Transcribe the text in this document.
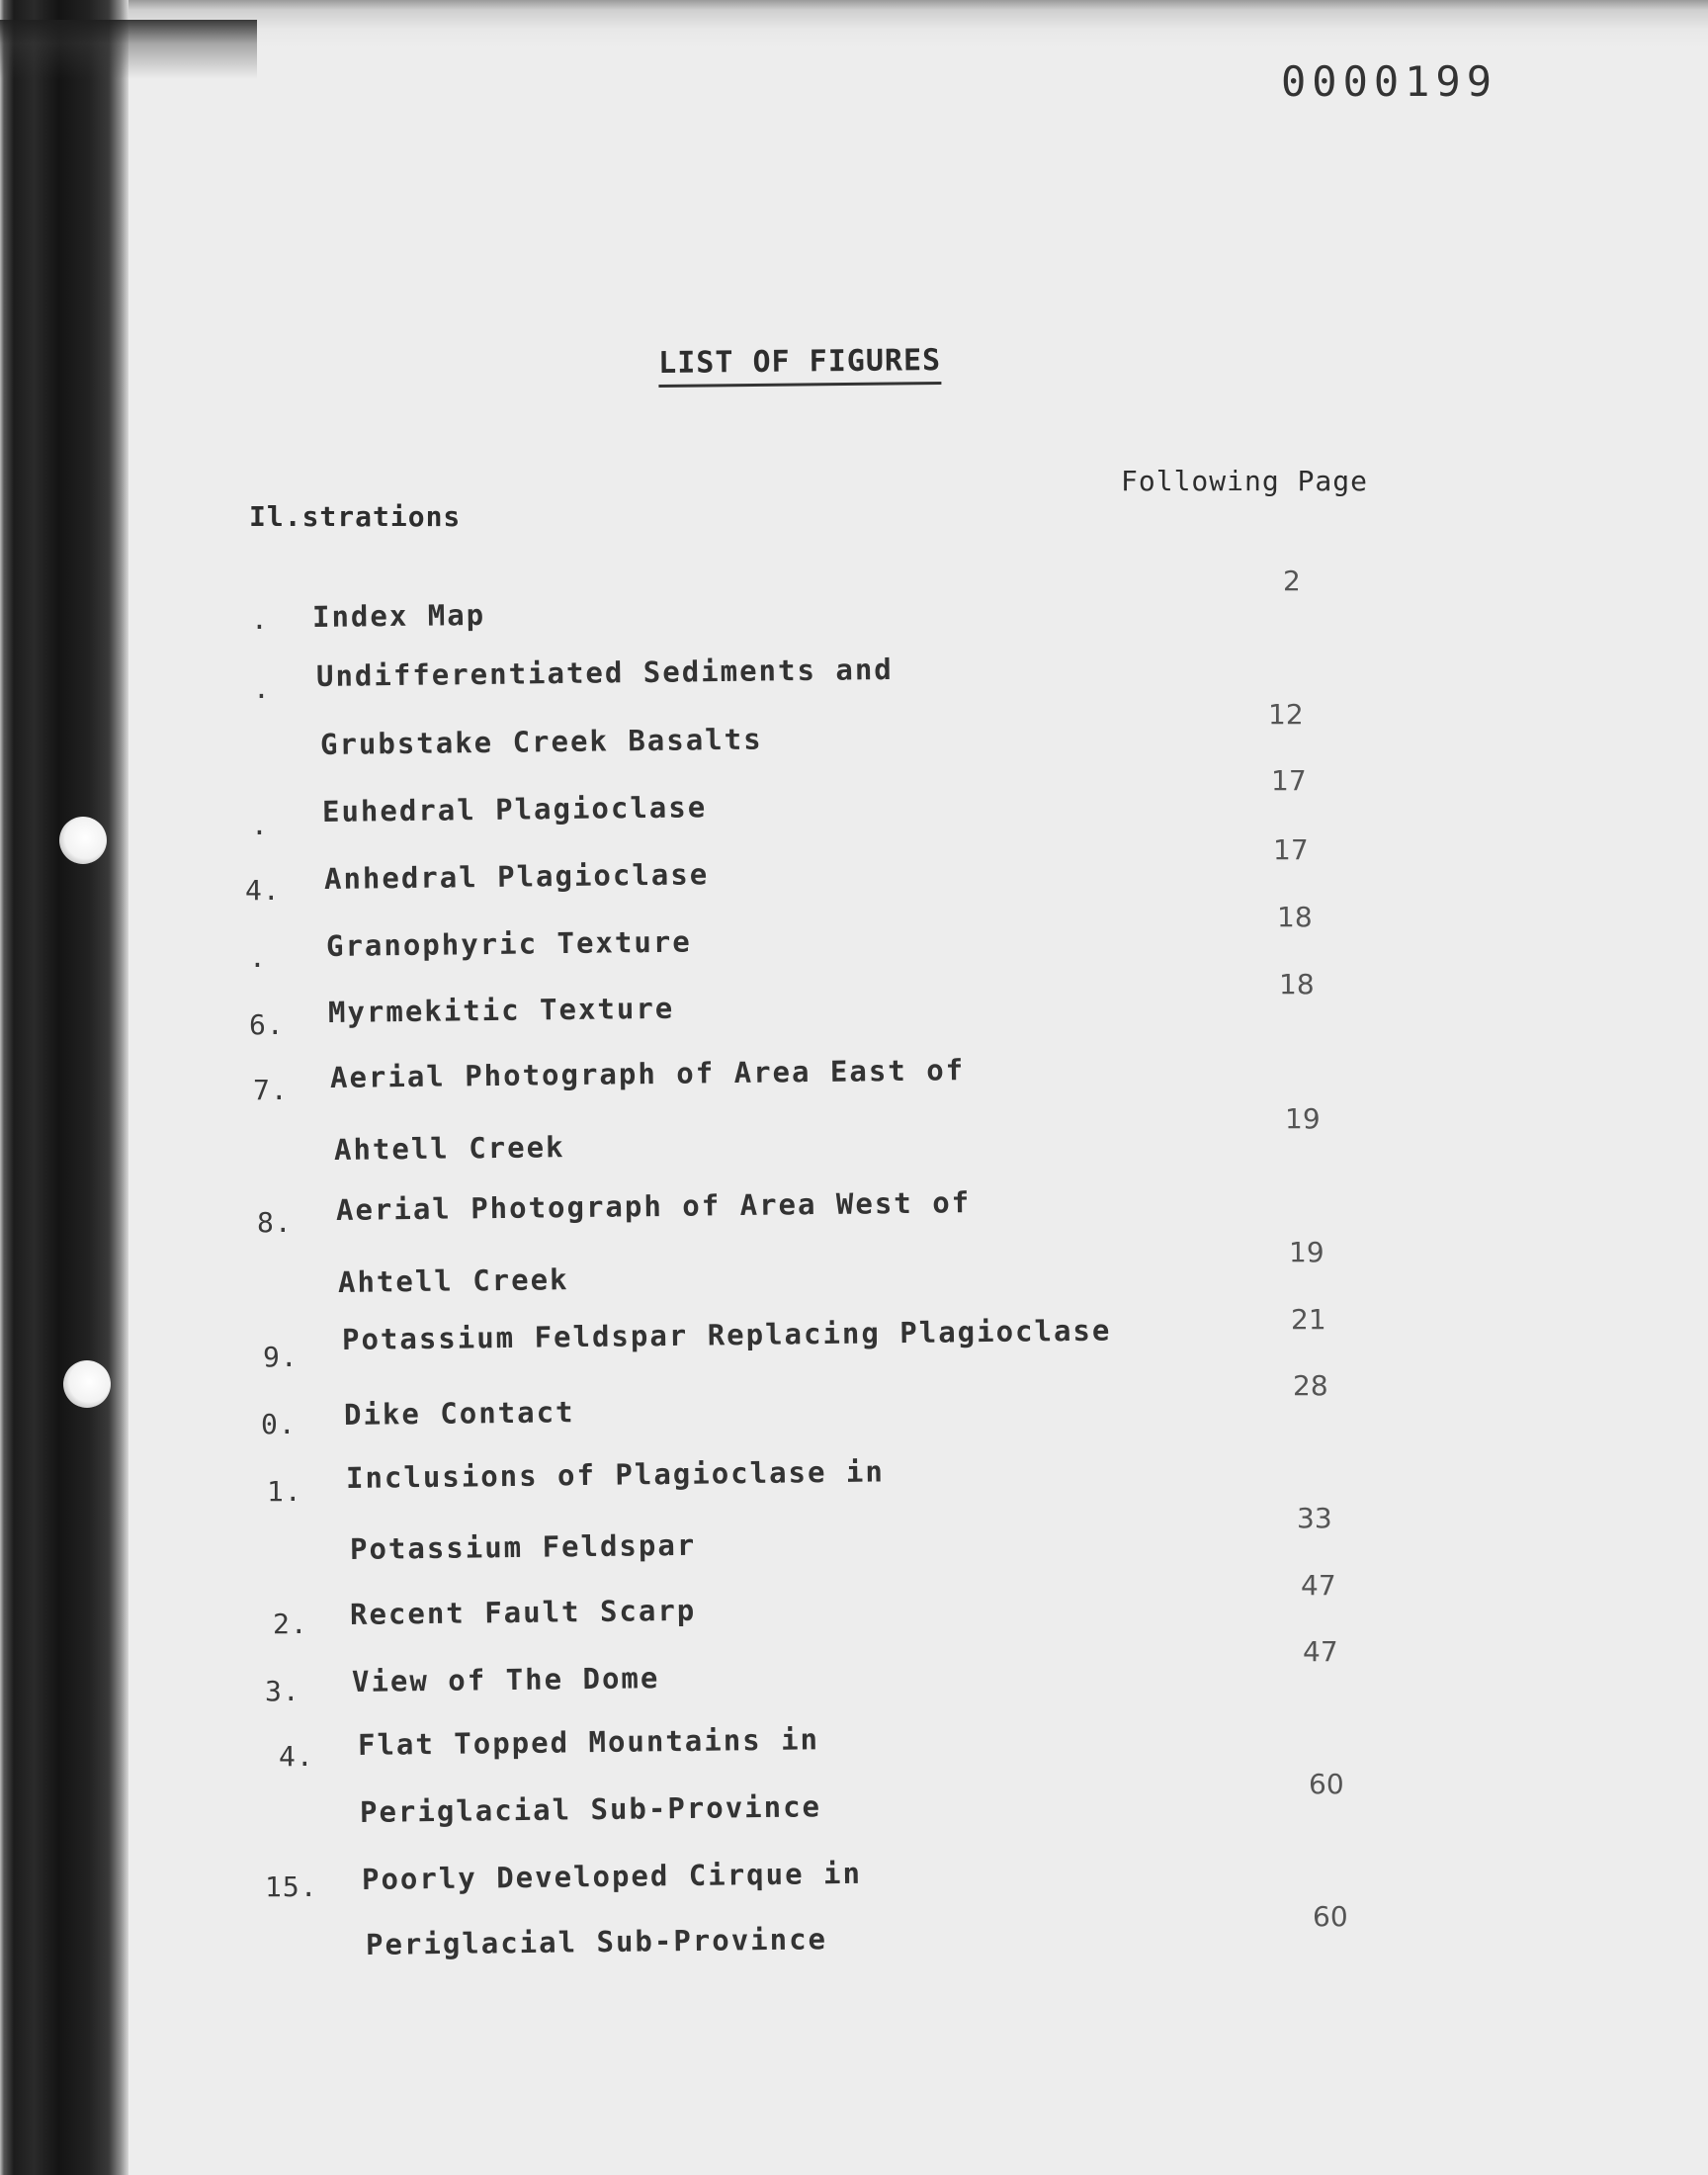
0000199
LIST OF FIGURES
Following Page
Il.strations
. Index Map
2
. Undifferentiated Sediments and
Grubstake Creek Basalts
12
. Euhedral Plagioclase
17
4. Anhedral Plagioclase
17
. Granophyric Texture
18
6. Myrmekitic Texture
18
7. Aerial Photograph of Area East of
Ahtell Creek
19
8. Aerial Photograph of Area West of
Ahtell Creek
19
9.
Potassium Feldspar Replacing Plagioclase	21
0. Dike Contact
28
1. Inclusions of Plagioclase in
Potassium Feldspar
33
2. Recent Fault Scarp
47
3. View of The Dome
47
4. Flat Topped Mountains in
Periglacial Sub-Province
60
15. Poorly Developed Cirque in
Periglacial Sub-Province
60
